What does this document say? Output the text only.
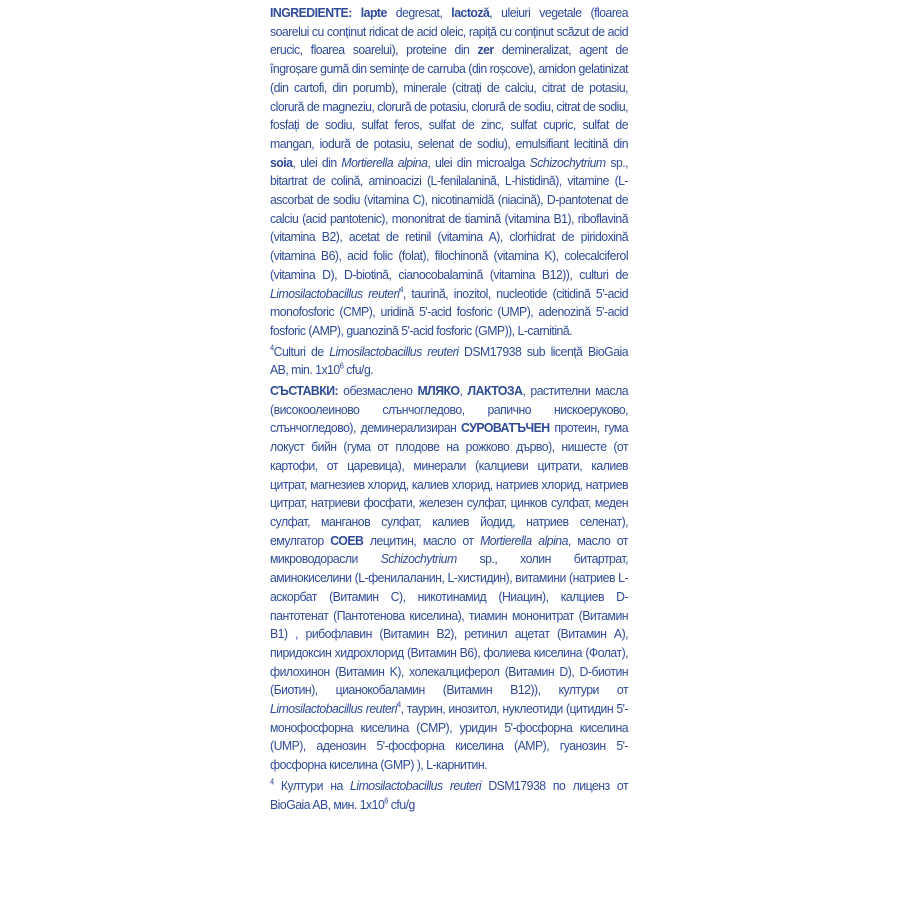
INGREDIENTE: lapte degresat, lactoză, uleiuri vegetale (floarea soarelui cu conținut ridicat de acid oleic, rapiță cu conținut scăzut de acid erucic, floarea soarelui), proteine din zer demineralizat, agent de îngroșare gumă din semințe de carruba (din roșcove), amidon gelatinizat (din cartofi, din porumb), minerale (citrați de calciu, citrat de potasiu, clorură de magneziu, clorură de potasiu, clorură de sodiu, citrat de sodiu, fosfați de sodiu, sulfat feros, sulfat de zinc, sulfat cupric, sulfat de mangan, iodură de potasiu, selenat de sodiu), emulsifiant lecitină din soia, ulei din Mortierella alpina, ulei din microalga Schizochytrium sp., bitartrat de colină, aminoacizi (L-fenilalanină, L-histidină), vitamine (L-ascorbat de sodiu (vitamina C), nicotinamidă (niacină), D-pantotenat de calciu (acid pantotenic), mononitrat de tiamină (vitamina B1), riboflavină (vitamina B2), acetat de retinil (vitamina A), clorhidrat de piridoxină (vitamina B6), acid folic (folat), filochinonă (vitamina K), colecalciferol (vitamina D), D-biotină, cianocobalamină (vitamina B12)), culturi de Limosilactobacillus reuteri$^4$, taurină, inozitol, nucleotide (citidină 5'-acid monofosforic (CMP), uridină 5'-acid fosforic (UMP), adenozină 5'-acid fosforic (AMP), guanozină 5'-acid fosforic (GMP)), L-carnitină.

$^4$Culturi de Limosilactobacillus reuteri DSM17938 sub licență BioGaia AB, min. $1x10^6$ cfu/g.

СЪСТАВКИ: обезмаслено МЛЯКО, ЛАКТОЗА, растителни масла (високоолеиново слънчогледово, рапично нискоеруково, слънчогледово), деминерализиран СУРОВАТЪЧЕН протеин, гума локуст бийн (гума от плодове на рожково дърво), нишесте (от картофи, от царевица), минерали (калциеви цитрати, калиев цитрат, магнезиев хлорид, калиев хлорид, натриев хлорид, натриев цитрат, натриеви фосфати, железен сулфат, цинков сулфат, меден сулфат, манганов сулфат, калиев йодид, натриев селенат), емулгатор СОЕВ лецитин, масло от Mortierella alpina, масло от микроводорасли Schizochytrium sp., холин битартрат, аминокиселини (L-фенилаланин, L-хистидин), витамини (натриев L-аскорбат (Витамин C), никотинамид (Ниацин), калциев D-пантотенат (Пантотенова киселина), тиамин мононитрат (Витамин B1) , рибофлавин (Витамин B2), ретинил ацетат (Витамин A), пиридоксин хидрохлорид (Витамин B6), фолиева киселина (Фолат), филохинон (Витамин K), холекалциферол (Витамин D), D-биотин (Биотин), цианокобаламин (Витамин B12)), култури от Limosilactobacillus reuteri$^4$, таурин, инозитол, нуклеотиди (цитидин 5'-монофосфорна киселина (CMP), уридин 5'-фосфорна киселина (UMP), аденозин 5'-фосфорна киселина (AMP), гуанозин 5'-фосфорна киселина (GMP) ), L-карнитин.

$^4$ Култури на Limosilactobacillus reuteri DSM17938 по лиценз от BioGaia AB, мин. $1x10^6$ cfu/g
